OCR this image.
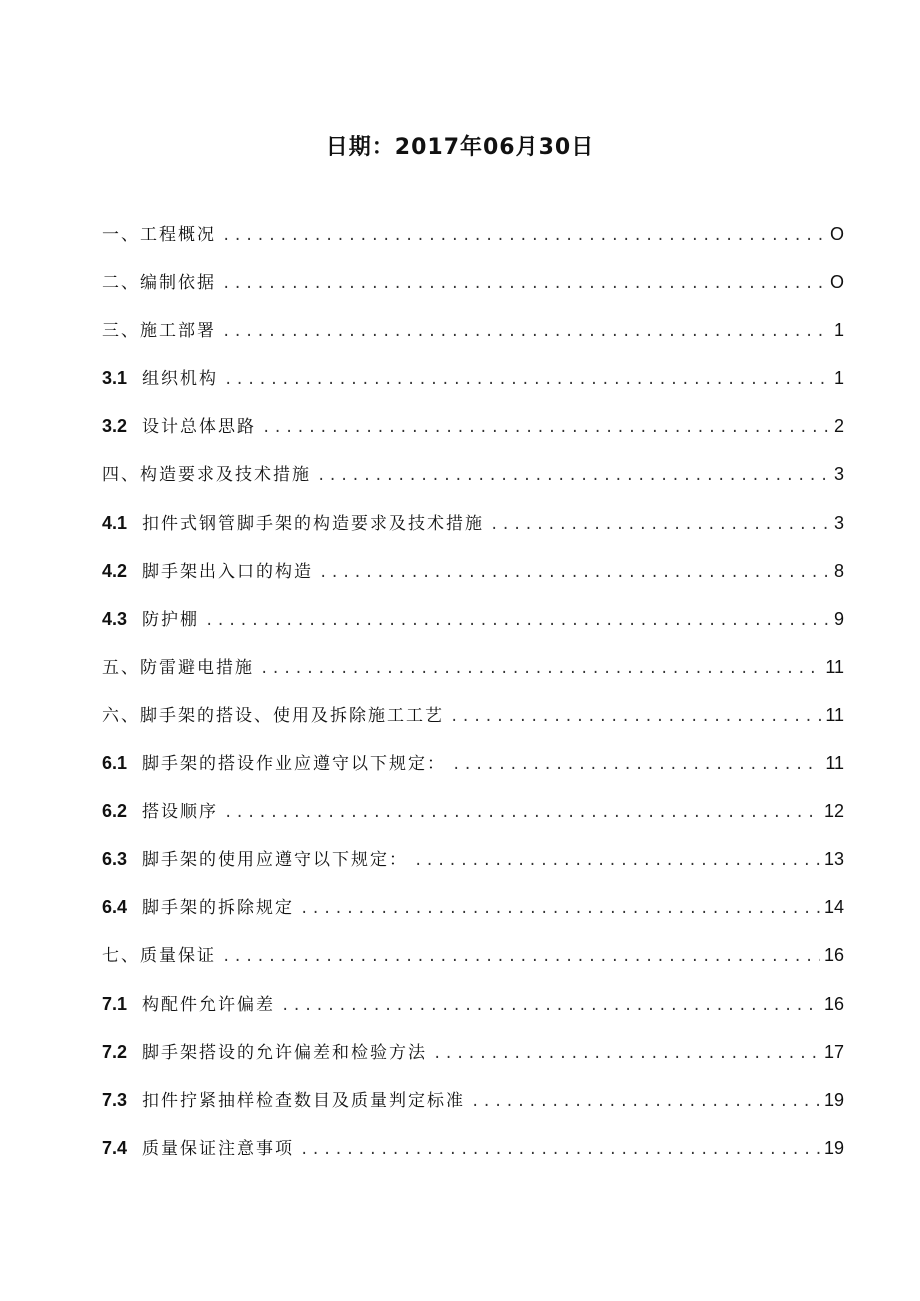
日期：2017年06月30日
一、工程概况 .....	O
二、编制依据 .....	O
三、施工部署 .....	1
3.1 组织机构 .....	1
3.2 设计总体思路 .....	2
四、构造要求及技术措施 .....	3
4.1 扣件式钢管脚手架的构造要求及技术措施 .....	3
4.2 脚手架出入口的构造 .....	8
4.3 防护棚 .....	9
五、防雷避电措施 .....	11
六、脚手架的搭设、使用及拆除施工工艺 .....	11
6.1 脚手架的搭设作业应遵守以下规定： .....	11
6.2 搭设顺序 .....	12
6.3 脚手架的使用应遵守以下规定： .....	13
6.4 脚手架的拆除规定 .....	14
七、质量保证 .....	16
7.1 构配件允许偏差 .....	16
7.2 脚手架搭设的允许偏差和检验方法 .....	17
7.3 扣件拧紧抽样检查数目及质量判定标准 .....	19
7.4 质量保证注意事项 .....	19
